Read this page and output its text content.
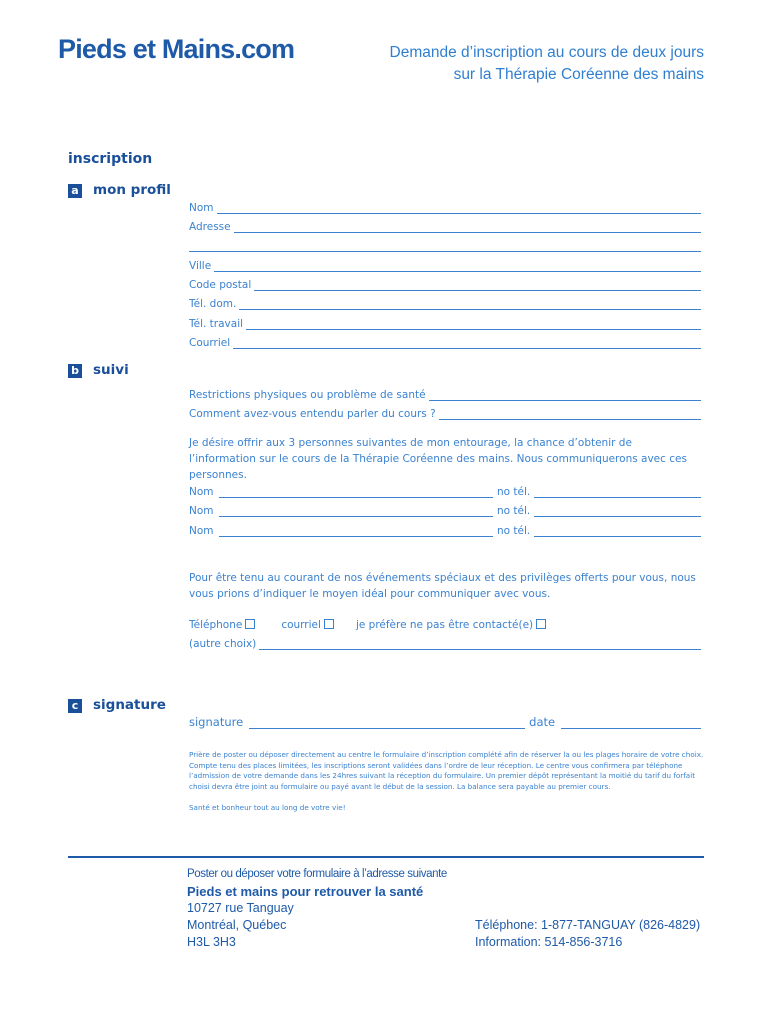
Pieds et Mains.com	Demande d’inscription au cours de deux jours
sur la Thérapie Coréenne des mains
inscription
a mon profil
Nom
Adresse
Ville
Code postal
Tél. dom.
Tél. travail
Courriel
b suivi
Restrictions physiques ou problème de santé
Comment avez-vous entendu parler du cours ?
Je désire offrir aux 3 personnes suivantes de mon entourage, la chance d’obtenir de l’information sur le cours de la Thérapie Coréenne des mains. Nous communiquerons avec ces personnes.
Nom	no tél.
Nom	no tél.
Nom	no tél.
Pour être tenu au courant de nos événements spéciaux et des privilèges offerts pour vous, nous vous prions d’indiquer le moyen idéal pour communiquer avec vous.
Téléphone	courriel	je préfère ne pas être contacté(e)
(autre choix)
c signature
signature	date
Prière de poster ou déposer directement au centre le formulaire d’inscription complété afin de réserver la ou les plages horaire de votre choix. Compte tenu des places limitées, les inscriptions seront validées dans l’ordre de leur réception. Le centre vous confirmera par téléphone l’admission de votre demande dans les 24hres suivant la réception du formulaire. Un premier dépôt représentant la moitié du tarif du forfait choisi devra être joint au formulaire ou payé avant le début de la session. La balance sera payable au premier cours.
Santé et bonheur tout au long de votre vie!
Poster ou déposer votre formulaire à l’adresse suivante
Pieds et mains pour retrouver la santé
10727 rue Tanguay
Montréal, Québec
H3L 3H3
Téléphone: 1-877-TANGUAY (826-4829)
Information: 514-856-3716
